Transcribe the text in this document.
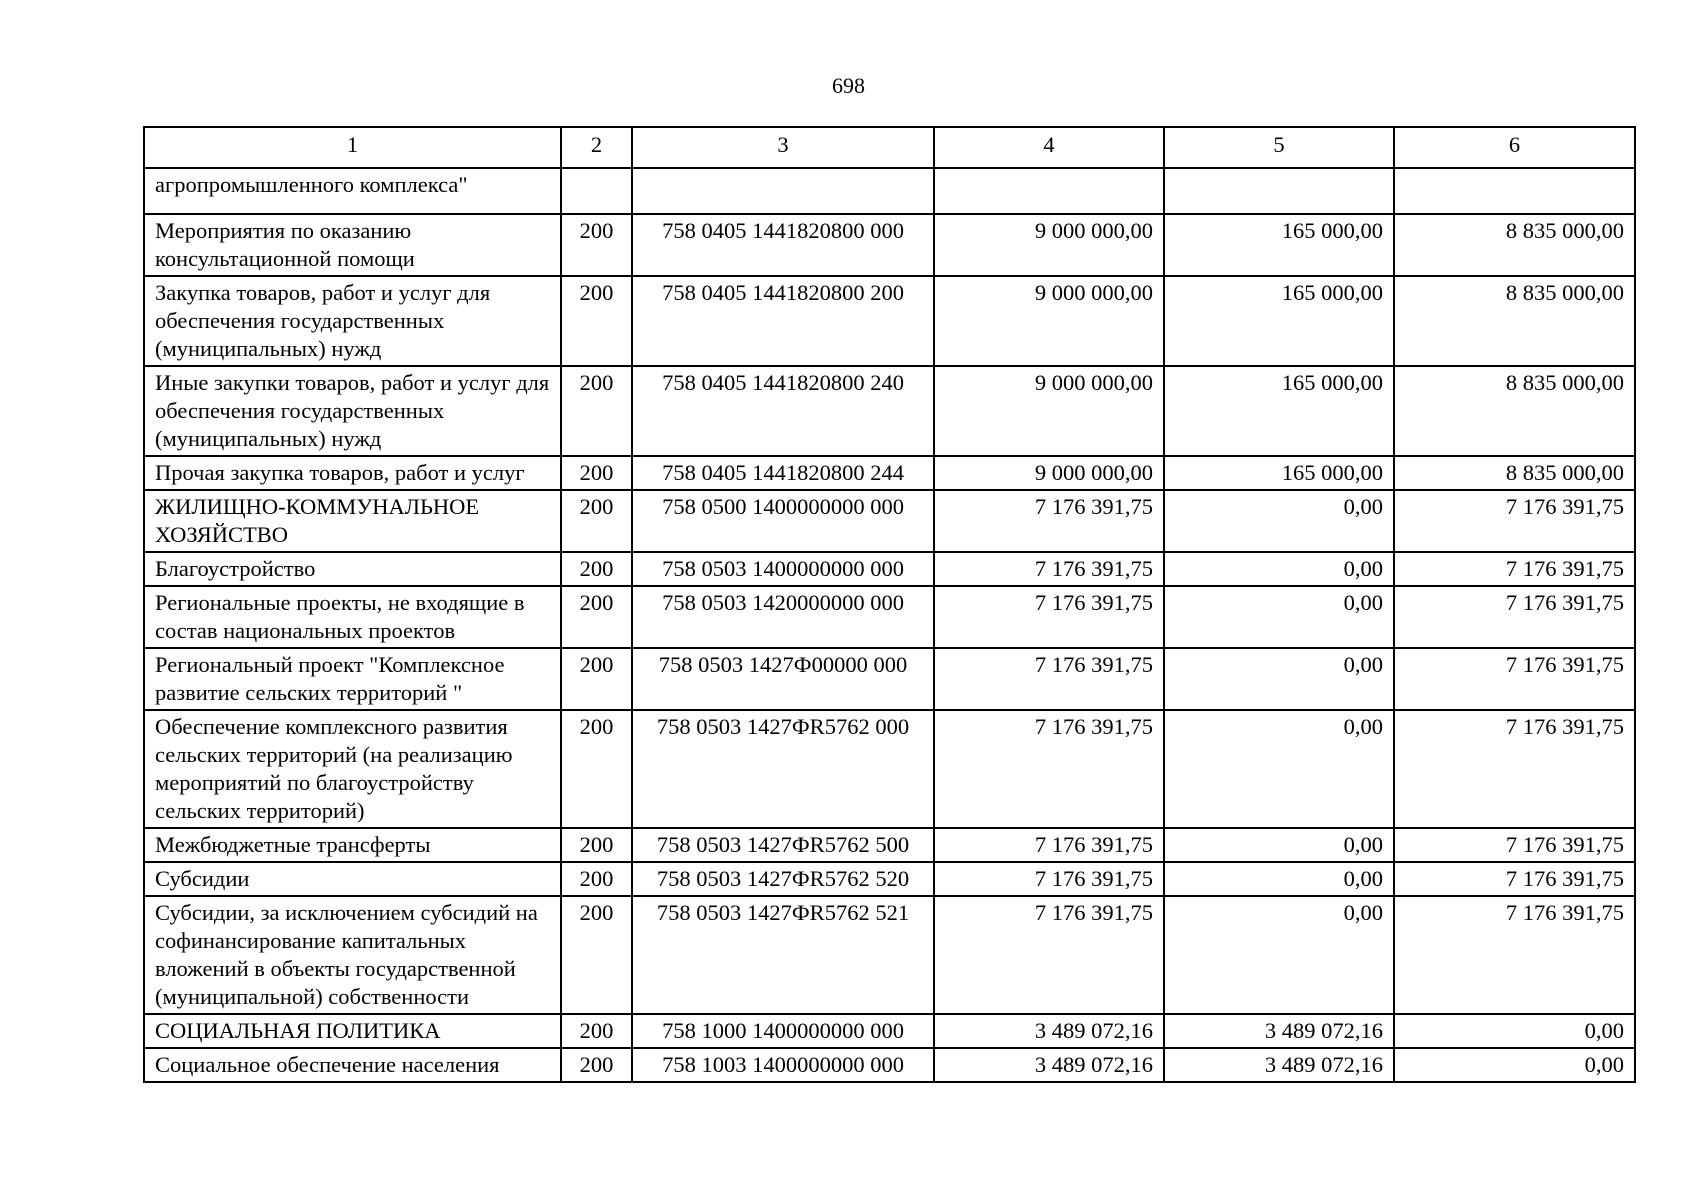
698
1	2	3	4	5	6
агропромышленного комплекса"					
Мероприятия по оказанию консультационной помощи	200	758 0405 1441820800 000	9 000 000,00	165 000,00	8 835 000,00
Закупка товаров, работ и услуг для обеспечения государственных (муниципальных) нужд	200	758 0405 1441820800 200	9 000 000,00	165 000,00	8 835 000,00
Иные закупки товаров, работ и услуг для обеспечения государственных (муниципальных) нужд	200	758 0405 1441820800 240	9 000 000,00	165 000,00	8 835 000,00
Прочая закупка товаров, работ и услуг	200	758 0405 1441820800 244	9 000 000,00	165 000,00	8 835 000,00
ЖИЛИЩНО-КОММУНАЛЬНОЕ ХОЗЯЙСТВО	200	758 0500 1400000000 000	7 176 391,75	0,00	7 176 391,75
Благоустройство	200	758 0503 1400000000 000	7 176 391,75	0,00	7 176 391,75
Региональные проекты, не входящие в состав национальных проектов	200	758 0503 1420000000 000	7 176 391,75	0,00	7 176 391,75
Региональный проект "Комплексное развитие сельских территорий "	200	758 0503 1427Ф00000 000	7 176 391,75	0,00	7 176 391,75
Обеспечение комплексного развития сельских территорий (на реализацию мероприятий по благоустройству сельских территорий)	200	758 0503 1427ФR5762 000	7 176 391,75	0,00	7 176 391,75
Межбюджетные трансферты	200	758 0503 1427ФR5762 500	7 176 391,75	0,00	7 176 391,75
Субсидии	200	758 0503 1427ФR5762 520	7 176 391,75	0,00	7 176 391,75
Субсидии, за исключением субсидий на софинансирование капитальных вложений в объекты государственной (муниципальной) собственности	200	758 0503 1427ФR5762 521	7 176 391,75	0,00	7 176 391,75
СОЦИАЛЬНАЯ ПОЛИТИКА	200	758 1000 1400000000 000	3 489 072,16	3 489 072,16	0,00
Социальное обеспечение населения	200	758 1003 1400000000 000	3 489 072,16	3 489 072,16	0,00
